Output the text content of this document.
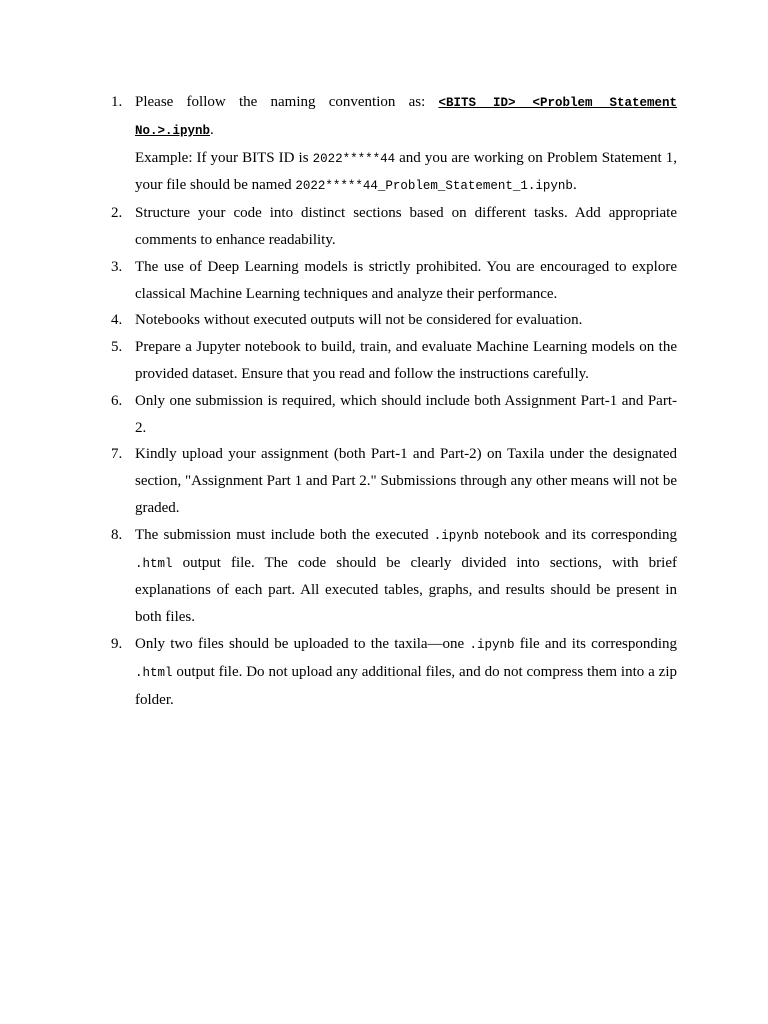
1. Please follow the naming convention as: <BITS ID> <Problem Statement No.>.ipynb.

Example: If your BITS ID is 2022*****44 and you are working on Problem Statement 1, your file should be named 2022*****44_Problem_Statement_1.ipynb.

2. Structure your code into distinct sections based on different tasks. Add appropriate comments to enhance readability.

3. The use of Deep Learning models is strictly prohibited. You are encouraged to explore classical Machine Learning techniques and analyze their performance.

4. Notebooks without executed outputs will not be considered for evaluation.

5. Prepare a Jupyter notebook to build, train, and evaluate Machine Learning models on the provided dataset. Ensure that you read and follow the instructions carefully.

6. Only one submission is required, which should include both Assignment Part-1 and Part-2.

7. Kindly upload your assignment (both Part-1 and Part-2) on Taxila under the designated section, "Assignment Part 1 and Part 2." Submissions through any other means will not be graded.

8. The submission must include both the executed .ipynb notebook and its corresponding .html output file. The code should be clearly divided into sections, with brief explanations of each part. All executed tables, graphs, and results should be present in both files.

9. Only two files should be uploaded to the taxila—one .ipynb file and its corresponding .html output file. Do not upload any additional files, and do not compress them into a zip folder.
